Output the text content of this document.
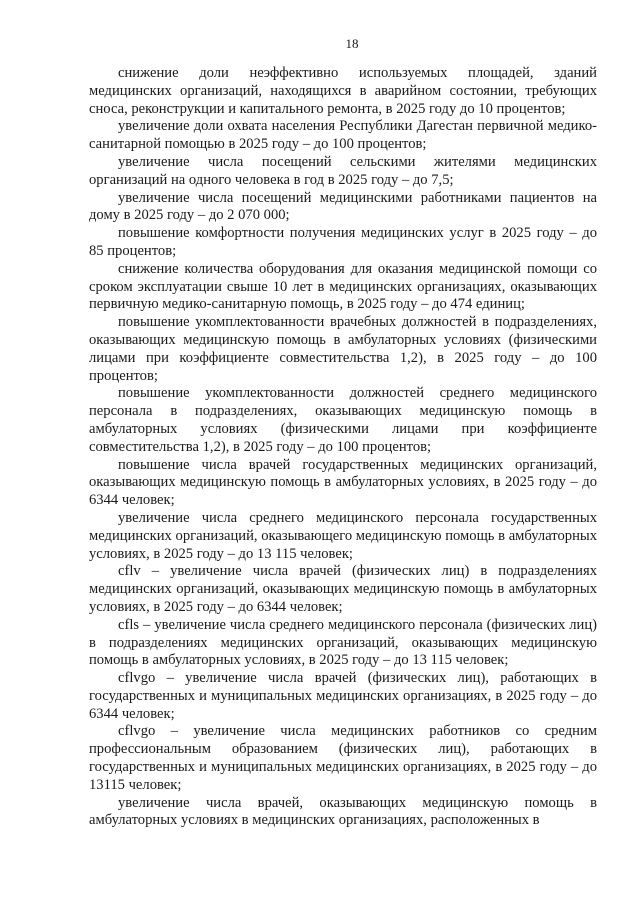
18

снижение доли неэффективно используемых площадей, зданий медицинских организаций, находящихся в аварийном состоянии, требующих сноса, реконструкции и капитального ремонта, в 2025 году до 10 процентов;

увеличение доли охвата населения Республики Дагестан первичной медико-санитарной помощью в 2025 году – до 100 процентов;

увеличение числа посещений сельскими жителями медицинских организаций на одного человека в год в 2025 году – до 7,5;

увеличение числа посещений медицинскими работниками пациентов на дому в 2025 году – до 2 070 000;

повышение комфортности получения медицинских услуг в 2025 году – до 85 процентов;

снижение количества оборудования для оказания медицинской помощи со сроком эксплуатации свыше 10 лет в медицинских организациях, оказывающих первичную медико-санитарную помощь, в 2025 году – до 474 единиц;

повышение укомплектованности врачебных должностей в подразделениях, оказывающих медицинскую помощь в амбулаторных условиях (физическими лицами при коэффициенте совместительства 1,2), в 2025 году – до 100 процентов;

повышение укомплектованности должностей среднего медицинского персонала в подразделениях, оказывающих медицинскую помощь в амбулаторных условиях (физическими лицами при коэффициенте совместительства 1,2), в 2025 году – до 100 процентов;

повышение числа врачей государственных медицинских организаций, оказывающих медицинскую помощь в амбулаторных условиях, в 2025 году – до 6344 человек;

увеличение числа среднего медицинского персонала государственных медицинских организаций, оказывающего медицинскую помощь в амбулаторных условиях, в 2025 году – до 13 115 человек;

cflv – увеличение числа врачей (физических лиц) в подразделениях медицинских организаций, оказывающих медицинскую помощь в амбулаторных условиях, в 2025 году – до 6344 человек;

cfls – увеличение числа среднего медицинского персонала (физических лиц) в подразделениях медицинских организаций, оказывающих медицинскую помощь в амбулаторных условиях, в 2025 году – до 13 115 человек;

cflvgo – увеличение числа врачей (физических лиц), работающих в государственных и муниципальных медицинских организациях, в 2025 году – до 6344 человек;

cflvgo – увеличение числа медицинских работников со средним профессиональным образованием (физических лиц), работающих в государственных и муниципальных медицинских организациях, в 2025 году – до 13115 человек;

увеличение числа врачей, оказывающих медицинскую помощь в амбулаторных условиях в медицинских организациях, расположенных в
